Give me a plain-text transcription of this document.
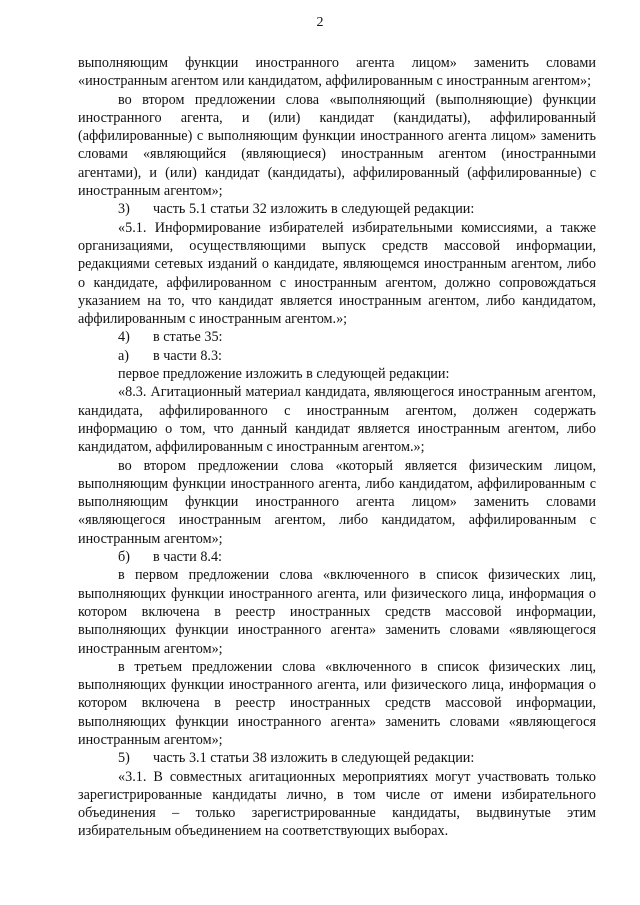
2

выполняющим функции иностранного агента лицом» заменить словами «иностранным агентом или кандидатом, аффилированным с иностранным агентом»;

во втором предложении слова «выполняющий (выполняющие) функции иностранного агента, и (или) кандидат (кандидаты), аффилированный (аффилированные) с выполняющим функции иностранного агента лицом» заменить словами «являющийся (являющиеся) иностранным агентом (иностранными агентами), и (или) кандидат (кандидаты), аффилированный (аффилированные) с иностранным агентом»;

3) часть 5.1 статьи 32 изложить в следующей редакции:

«5.1. Информирование избирателей избирательными комиссиями, а также организациями, осуществляющими выпуск средств массовой информации, редакциями сетевых изданий о кандидате, являющемся иностранным агентом, либо о кандидате, аффилированном с иностранным агентом, должно сопровождаться указанием на то, что кандидат является иностранным агентом, либо кандидатом, аффилированным с иностранным агентом.»;

4) в статье 35:

а) в части 8.3:

первое предложение изложить в следующей редакции:

«8.3. Агитационный материал кандидата, являющегося иностранным агентом, кандидата, аффилированного с иностранным агентом, должен содержать информацию о том, что данный кандидат является иностранным агентом, либо кандидатом, аффилированным с иностранным агентом.»;

во втором предложении слова «который является физическим лицом, выполняющим функции иностранного агента, либо кандидатом, аффилированным с выполняющим функции иностранного агента лицом» заменить словами «являющегося иностранным агентом, либо кандидатом, аффилированным с иностранным агентом»;

б) в части 8.4:

в первом предложении слова «включенного в список физических лиц, выполняющих функции иностранного агента, или физического лица, информация о котором включена в реестр иностранных средств массовой информации, выполняющих функции иностранного агента» заменить словами «являющегося иностранным агентом»;

в третьем предложении слова «включенного в список физических лиц, выполняющих функции иностранного агента, или физического лица, информация о котором включена в реестр иностранных средств массовой информации, выполняющих функции иностранного агента» заменить словами «являющегося иностранным агентом»;

5) часть 3.1 статьи 38 изложить в следующей редакции:

«3.1. В совместных агитационных мероприятиях могут участвовать только зарегистрированные кандидаты лично, в том числе от имени избирательного объединения – только зарегистрированные кандидаты, выдвинутые этим избирательным объединением на соответствующих выборах.
